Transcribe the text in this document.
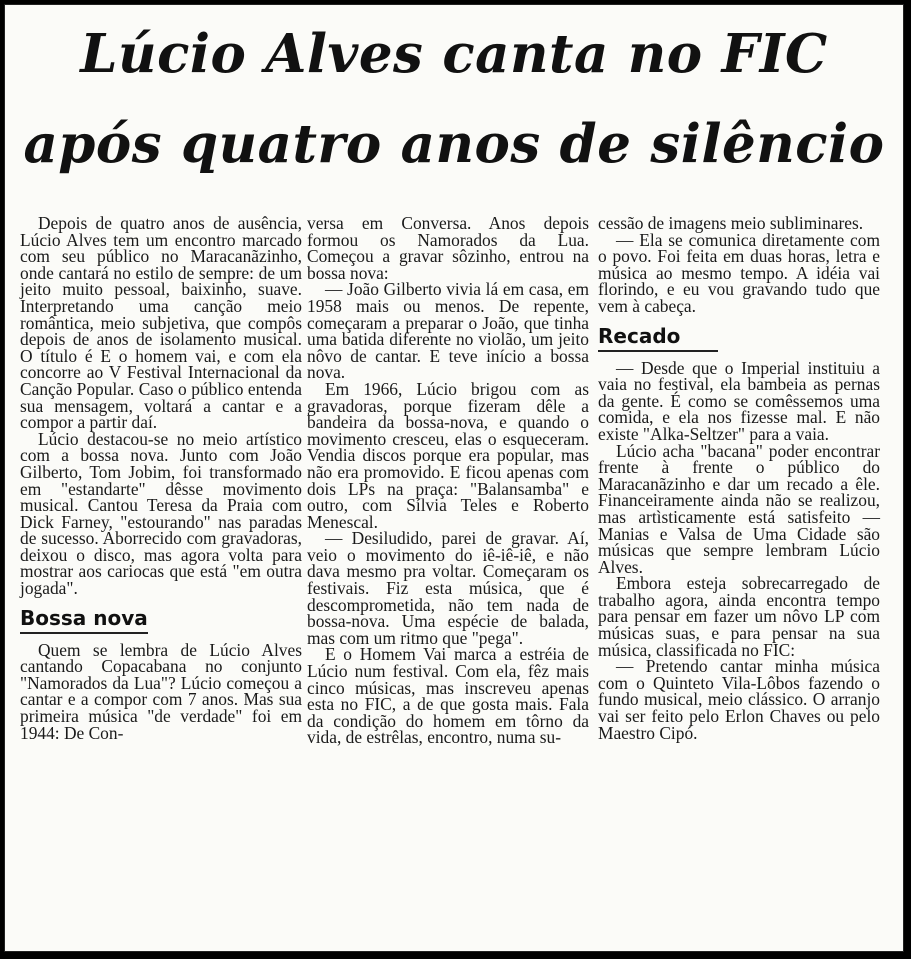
Lúcio Alves canta no FIC
após quatro anos de silêncio

Depois de quatro anos de ausência, Lúcio Alves tem um encontro marcado com seu público no Maracanãzinho, onde cantará no estilo de sempre: de um jeito muito pessoal, baixinho, suave. Interpretando uma canção meio romântica, meio subjetiva, que compôs depois de anos de isolamento musical. O título é E o homem vai, e com ela concorre ao V Festival Internacional da Canção Popular. Caso o público entenda sua mensagem, voltará a cantar e a compor a partir daí.

Lúcio destacou-se no meio artístico com a bossa nova. Junto com João Gilberto, Tom Jobim, foi transformado em "estandarte" dêsse movimento musical. Cantou Teresa da Praia com Dick Farney, "estourando" nas paradas de sucesso. Aborrecido com gravadoras, deixou o disco, mas agora volta para mostrar aos cariocas que está "em outra jogada".

Bossa nova

Quem se lembra de Lúcio Alves cantando Copacabana no conjunto "Namorados da Lua"? Lúcio começou a cantar e a compor com 7 anos. Mas sua primeira música "de verdade" foi em 1944: De Con-

versa em Conversa. Anos depois formou os Namorados da Lua. Começou a gravar sôzinho, entrou na bossa nova:

— João Gilberto vivia lá em casa, em 1958 mais ou menos. De repente, começaram a preparar o João, que tinha uma batida diferente no violão, um jeito nôvo de cantar. E teve início a bossa nova.

Em 1966, Lúcio brigou com as gravadoras, porque fizeram dêle a bandeira da bossa-nova, e quando o movimento cresceu, elas o esqueceram. Vendia discos porque era popular, mas não era promovido. E ficou apenas com dois LPs na praça: "Balansamba" e outro, com Sílvia Teles e Roberto Menescal.

— Desiludido, parei de gravar. Aí, veio o movimento do iê-iê-iê, e não dava mesmo pra voltar. Começaram os festivais. Fiz esta música, que é descomprometida, não tem nada de bossa-nova. Uma espécie de balada, mas com um ritmo que "pega".

E o Homem Vai marca a estréia de Lúcio num festival. Com ela, fêz mais cinco músicas, mas inscreveu apenas esta no FIC, a de que gosta mais. Fala da condição do homem em tôrno da vida, de estrêlas, encontro, numa su-

cessão de imagens meio subliminares.

— Ela se comunica diretamente com o povo. Foi feita em duas horas, letra e música ao mesmo tempo. A idéia vai florindo, e eu vou gravando tudo que vem à cabeça.

Recado

— Desde que o Imperial instituiu a vaia no festival, ela bambeia as pernas da gente. É como se comêssemos uma comida, e ela nos fizesse mal. E não existe "Alka-Seltzer" para a vaia.

Lúcio acha "bacana" poder encontrar frente à frente o público do Maracanãzinho e dar um recado a êle. Financeiramente ainda não se realizou, mas artìsticamente está satisfeito — Manias e Valsa de Uma Cidade são músicas que sempre lembram Lúcio Alves.

Embora esteja sobrecarregado de trabalho agora, ainda encontra tempo para pensar em fazer um nôvo LP com músicas suas, e para pensar na sua música, classificada no FIC:

— Pretendo cantar minha música com o Quinteto Vila-Lôbos fazendo o fundo musical, meio clássico. O arranjo vai ser feito pelo Erlon Chaves ou pelo Maestro Cipó.
